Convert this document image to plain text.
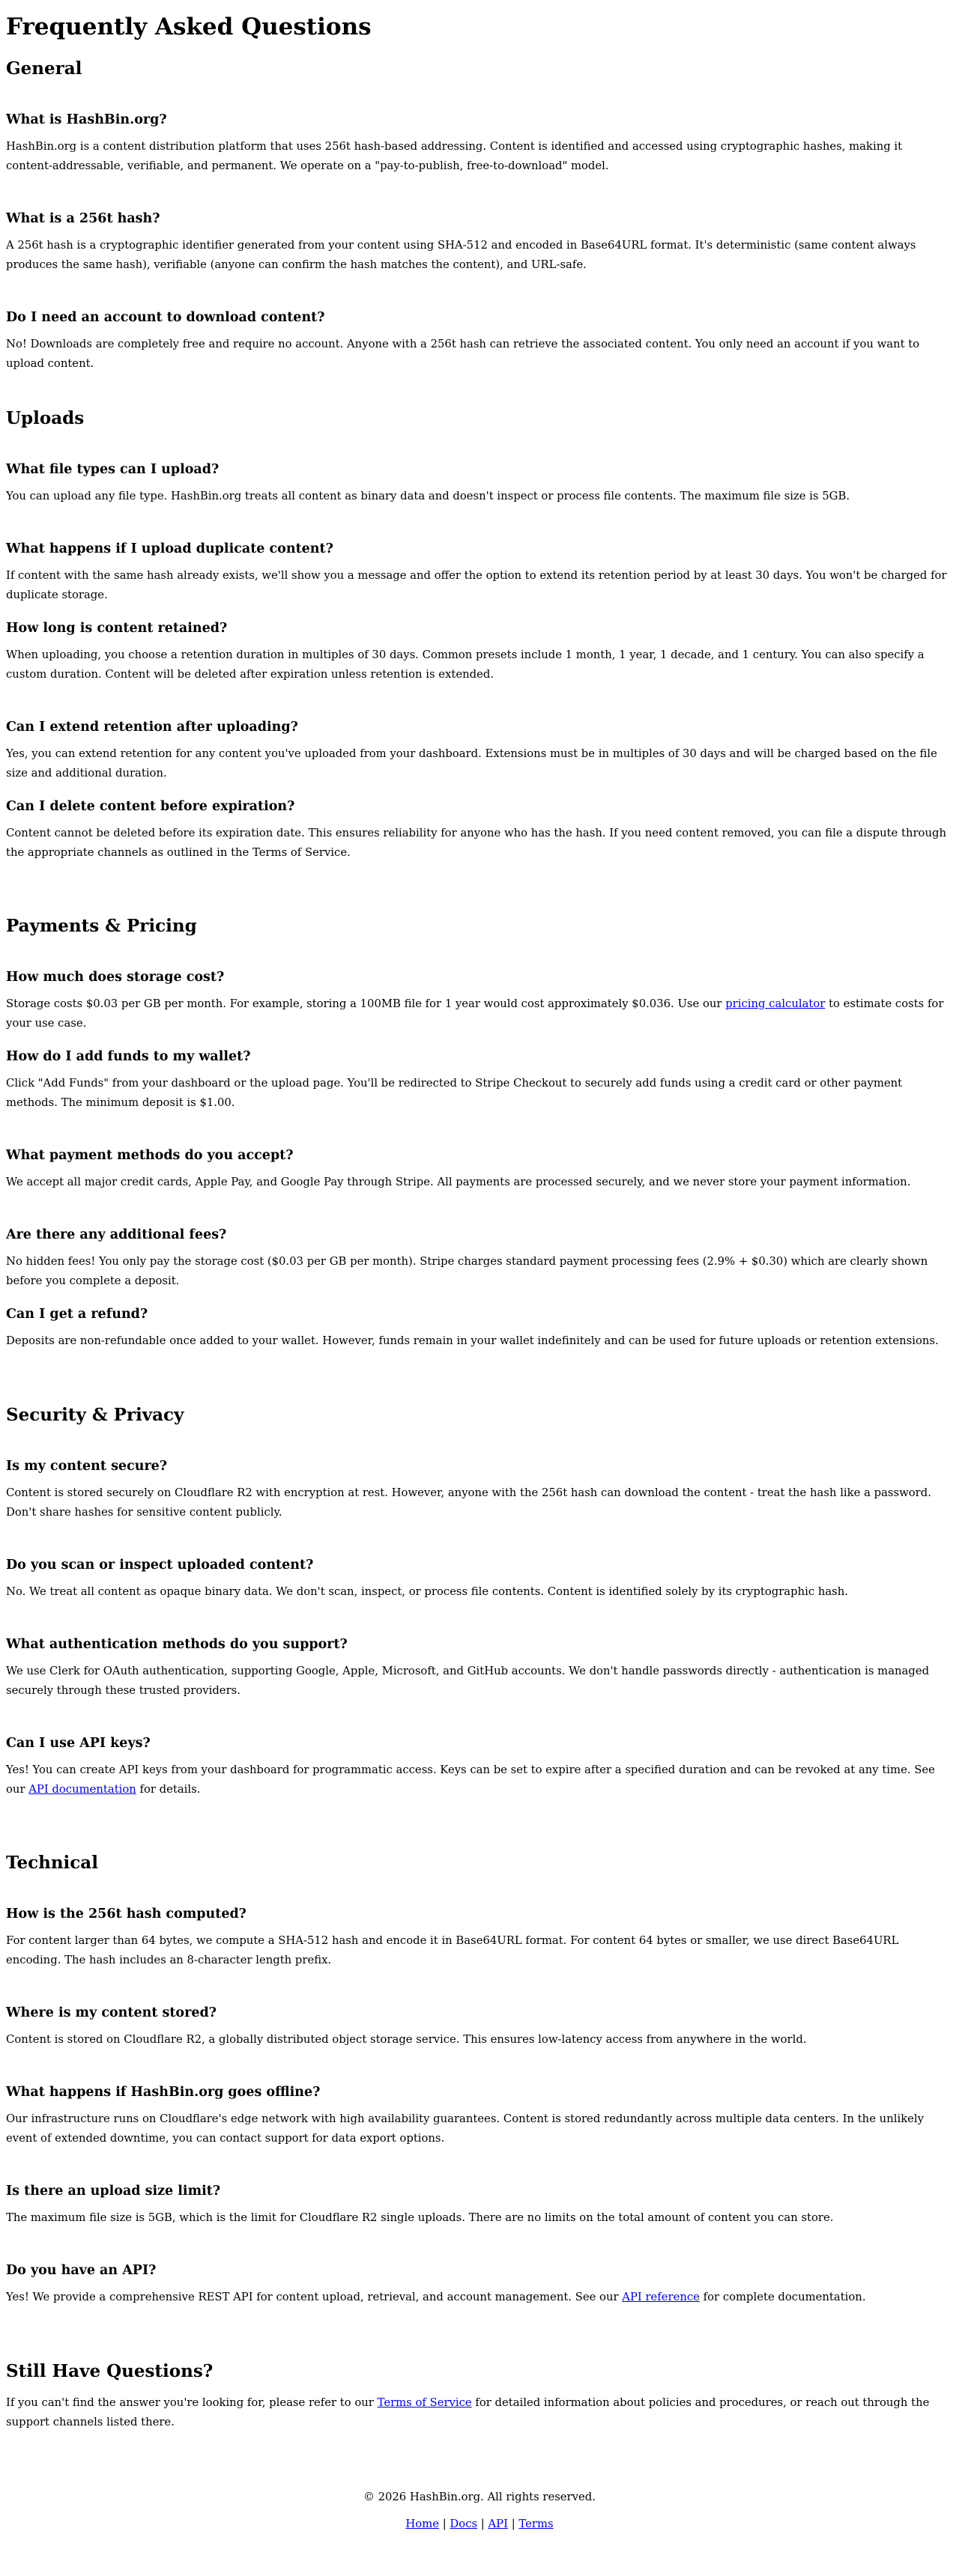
Frequently Asked Questions
General
What is HashBin.org?

HashBin.org is a content distribution platform that uses 256t hash-based addressing. Content is identified and accessed using cryptographic hashes, making it content-addressable, verifiable, and permanent. We operate on a "pay-to-publish, free-to-download" model.

What is a 256t hash?

A 256t hash is a cryptographic identifier generated from your content using SHA-512 and encoded in Base64URL format. It's deterministic (same content always produces the same hash), verifiable (anyone can confirm the hash matches the content), and URL-safe.

Do I need an account to download content?

No! Downloads are completely free and require no account. Anyone with a 256t hash can retrieve the associated content. You only need an account if you want to upload content.

Uploads
What file types can I upload?

You can upload any file type. HashBin.org treats all content as binary data and doesn't inspect or process file contents. The maximum file size is 5GB.

What happens if I upload duplicate content?

If content with the same hash already exists, we'll show you a message and offer the option to extend its retention period by at least 30 days. You won't be charged for duplicate storage.

How long is content retained?

When uploading, you choose a retention duration in multiples of 30 days. Common presets include 1 month, 1 year, 1 decade, and 1 century. You can also specify a custom duration. Content will be deleted after expiration unless retention is extended.

Can I extend retention after uploading?

Yes, you can extend retention for any content you've uploaded from your dashboard. Extensions must be in multiples of 30 days and will be charged based on the file size and additional duration.

Can I delete content before expiration?

Content cannot be deleted before its expiration date. This ensures reliability for anyone who has the hash. If you need content removed, you can file a dispute through the appropriate channels as outlined in the Terms of Service.

Payments & Pricing
How much does storage cost?

Storage costs $0.03 per GB per month. For example, storing a 100MB file for 1 year would cost approximately $0.036. Use our pricing calculator to estimate costs for your use case.

How do I add funds to my wallet?

Click "Add Funds" from your dashboard or the upload page. You'll be redirected to Stripe Checkout to securely add funds using a credit card or other payment methods. The minimum deposit is $1.00.

What payment methods do you accept?

We accept all major credit cards, Apple Pay, and Google Pay through Stripe. All payments are processed securely, and we never store your payment information.

Are there any additional fees?

No hidden fees! You only pay the storage cost ($0.03 per GB per month). Stripe charges standard payment processing fees (2.9% + $0.30) which are clearly shown before you complete a deposit.

Can I get a refund?

Deposits are non-refundable once added to your wallet. However, funds remain in your wallet indefinitely and can be used for future uploads or retention extensions.

Security & Privacy
Is my content secure?

Content is stored securely on Cloudflare R2 with encryption at rest. However, anyone with the 256t hash can download the content - treat the hash like a password. Don't share hashes for sensitive content publicly.

Do you scan or inspect uploaded content?

No. We treat all content as opaque binary data. We don't scan, inspect, or process file contents. Content is identified solely by its cryptographic hash.

What authentication methods do you support?

We use Clerk for OAuth authentication, supporting Google, Apple, Microsoft, and GitHub accounts. We don't handle passwords directly - authentication is managed securely through these trusted providers.

Can I use API keys?

Yes! You can create API keys from your dashboard for programmatic access. Keys can be set to expire after a specified duration and can be revoked at any time. See our API documentation for details.

Technical
How is the 256t hash computed?

For content larger than 64 bytes, we compute a SHA-512 hash and encode it in Base64URL format. For content 64 bytes or smaller, we use direct Base64URL encoding. The hash includes an 8-character length prefix.

Where is my content stored?

Content is stored on Cloudflare R2, a globally distributed object storage service. This ensures low-latency access from anywhere in the world.

What happens if HashBin.org goes offline?

Our infrastructure runs on Cloudflare's edge network with high availability guarantees. Content is stored redundantly across multiple data centers. In the unlikely event of extended downtime, you can contact support for data export options.

Is there an upload size limit?

The maximum file size is 5GB, which is the limit for Cloudflare R2 single uploads. There are no limits on the total amount of content you can store.

Do you have an API?

Yes! We provide a comprehensive REST API for content upload, retrieval, and account management. See our API reference for complete documentation.

Still Have Questions?

If you can't find the answer you're looking for, please refer to our Terms of Service for detailed information about policies and procedures, or reach out through the support channels listed there.

© 2026 HashBin.org. All rights reserved.

Home | Docs | API | Terms
